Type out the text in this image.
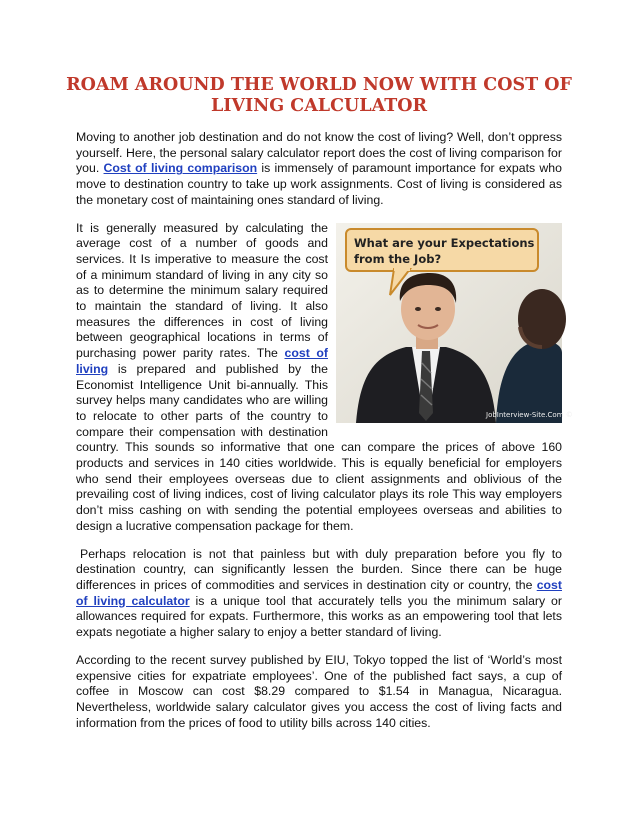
ROAM AROUND THE WORLD NOW WITH COST OF LIVING CALCULATOR

Moving to another job destination and do not know the cost of living? Well, don’t oppress yourself. Here, the personal salary calculator report does the cost of living comparison for you. Cost of living comparison is immensely of paramount importance for expats who move to destination country to take up work assignments. Cost of living is considered as the monetary cost of maintaining ones standard of living.

What are your Expectations
from the Job?
JobInterview-Site.Com ©
It is generally measured by calculating the average cost of a number of goods and services. It Is imperative to measure the cost of a minimum standard of living in any city so as to determine the minimum salary required to maintain the standard of living. It also measures the differences in cost of living between geographical locations in terms of purchasing power parity rates. The cost of living is prepared and published by the Economist Intelligence Unit bi-annually. This survey helps many candidates who are willing to relocate to other parts of the country to compare their compensation with destination country. This sounds so informative that one can compare the prices of above 160 products and services in 140 cities worldwide. This is equally beneficial for employers who send their employees overseas due to client assignments and oblivious of the prevailing cost of living indices, cost of living calculator plays its role This way employers don’t miss cashing on with sending the potential employees overseas and abilities to design a lucrative compensation package for them.

Perhaps relocation is not that painless but with duly preparation before you fly to destination country, can significantly lessen the burden. Since there can be huge differences in prices of commodities and services in destination city or country, the cost of living calculator is a unique tool that accurately tells you the minimum salary or allowances required for expats. Furthermore, this works as an empowering tool that lets expats negotiate a higher salary to enjoy a better standard of living.

According to the recent survey published by EIU, Tokyo topped the list of ‘World’s most expensive cities for expatriate employees’. One of the published fact says, a cup of coffee in Moscow can cost $8.29 compared to $1.54 in Managua, Nicaragua. Nevertheless, worldwide salary calculator gives you access the cost of living facts and information from the prices of food to utility bills across 140 cities.
